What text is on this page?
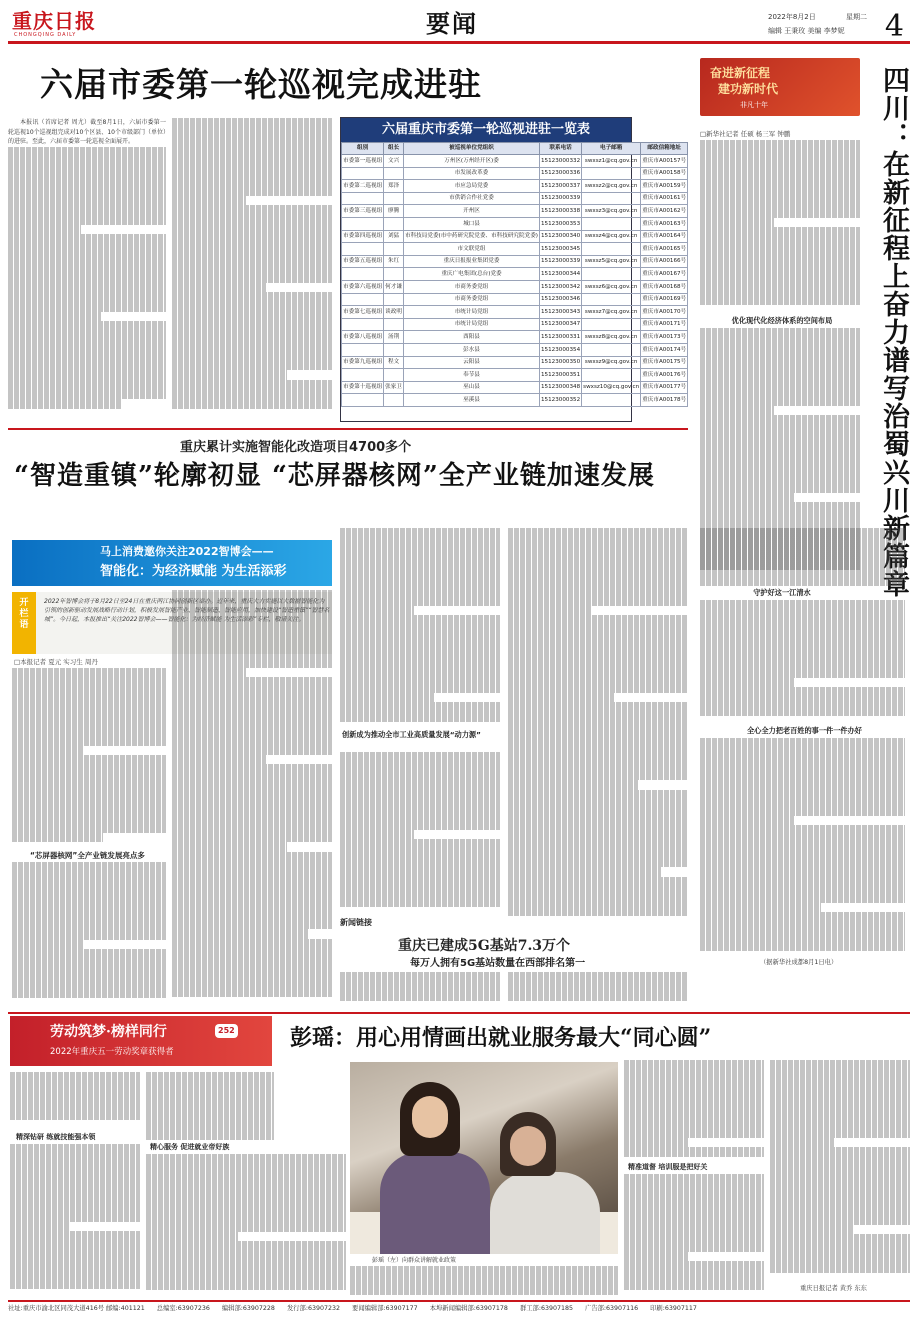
重庆日报
CHONGQING DAILY	要闻	2022年8月2日	星期二
编辑 王秉玫 美编 李梦妮 4
六届市委第一轮巡视完成进驻

本报讯（首席记者 周尤）截至8月1日，六届市委第一轮巡视10个巡视组完成对10个区县、10个市级部门（单位）的进驻。至此，六届市委第一轮巡视全面展开。

六届重庆市委第一轮巡视进驻一览表
组别	组长	被巡视单位党组织	联系电话	电子邮箱	邮政信箱地址
市委第一巡视组	文兴	万州区(万州经开区)委	15123000332	swxsz1@cq.gov.cn	重庆市A00157号
		市发展改革委	15123000336		重庆市A00158号
市委第二巡视组	郑泽	市应急局党委	15123000337	swxsz2@cq.gov.cn	重庆市A00159号
		市供销合作社党委	15123000339		重庆市A00161号
市委第三巡视组	廖腾	开州区	15123000338	swxsz3@cq.gov.cn	重庆市A00162号
		城口县	15123000353		重庆市A00163号
市委第四巡视组	刘猛	市科技局党委(市中药研究院党委、市科技研究院党委)	15123000340	swxsz4@cq.gov.cn	重庆市A00164号
		市文联党组	15123000345		重庆市A00165号
市委第五巡视组	朱红	重庆日报报业集团党委	15123000339	swxsz5@cq.gov.cn	重庆市A00166号
		重庆广电集团(总台)党委	15123000344		重庆市A00167号
市委第六巡视组	何才谦	市商务委党组	15123000342	swxsz6@cq.gov.cn	重庆市A00168号
		市商务委党组	15123000346		重庆市A00169号
市委第七巡视组	谈政明	市统计局党组	15123000343	swxsz7@cq.gov.cn	重庆市A00170号
		市统计局党组	15123000347		重庆市A00171号
市委第八巡视组	汤荆	酉阳县	15123000331	swxsz8@cq.gov.cn	重庆市A00173号
		彭水县	15123000354		重庆市A00174号
市委第九巡视组	程文	云阳县	15123000350	swxsz9@cq.gov.cn	重庆市A00175号
		奉节县	15123000351		重庆市A00176号
市委第十巡视组	张家卫	巫山县	15123000348	swxsz10@cq.gov.cn	重庆市A00177号
		巫溪县	15123000352		重庆市A00178号
重庆累计实施智能化改造项目4700多个
“智造重镇”轮廓初显 “芯屏器核网”全产业链加速发展
马上消费邀你关注2022智博会——
智能化：为经济赋能 为生活添彩
开栏语
2022年智博会将于8月22日至24日在重庆两江协同创新区举办。近年来，重庆大力实施以大数据智能化为引领的创新驱动发展战略行动计划，积极发展智能产业、智能制造、智能应用，加快建设“智造重镇”“智慧名城”。今日起，本报推出“关注2022智博会——智能化：为经济赋能 为生活添彩”专栏，敬请关注。
□本报记者 夏元 实习生 周丹
“芯屏器核网”全产业链发展亮点多
创新成为推动全市工业高质量发展“动力源”
新闻链接
重庆已建成5G基站7.3万个
每万人拥有5G基站数量在西部排名第一
奋进新征程
建功新时代
非凡十年	四川：在新征程上奋力谱写治蜀兴川新篇章
□新华社记者 任硕 杨三军 钟鹏
优化现代化经济体系的空间布局
守护好这一江清水
全心全力把老百姓的事一件一件办好
（据新华社成都8月1日电）
劳动筑梦·榜样同行	252
2022年重庆五一劳动奖章获得者
彭瑶：用心用情画出就业服务最大“同心圆”
精深钻研 练就技能强本领
精心服务 促进就业帝好族
彭瑶（左）向群众讲解就业政策
精准道督 培训服是把好关
重庆日报记者 黄乔 东东
社址:重庆市渝北区同茂大道416号 邮编:401121 总编室:63907236 编辑部:63907228 发行部:63907232 要闻编辑部:63907177 本埠新闻编辑部:63907178 群工部:63907185 广告部:63907116 印刷:63907117
